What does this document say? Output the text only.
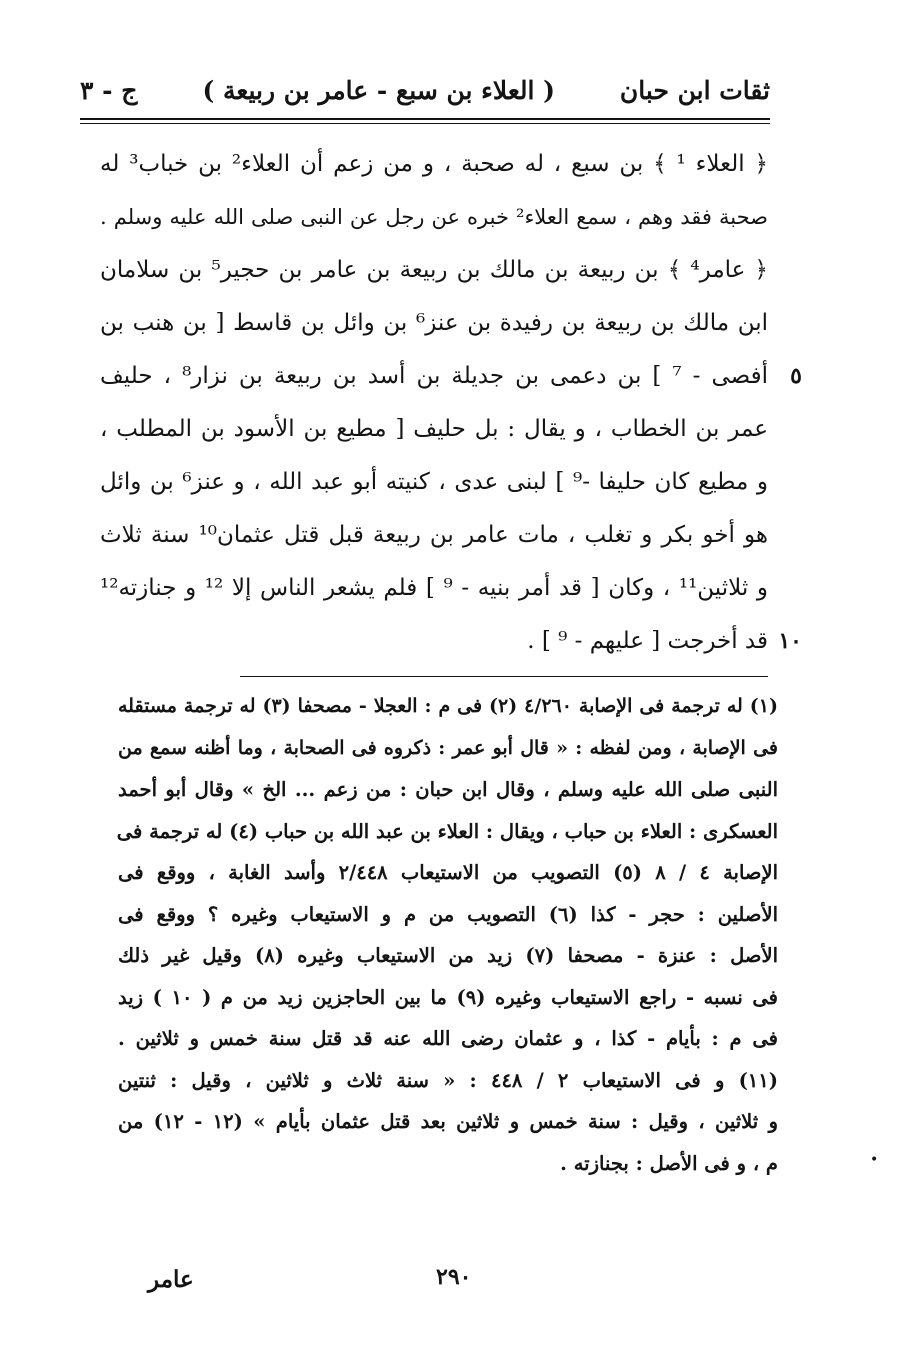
ثقات ابن حبان
( العلاء بن سبع - عامر بن ربيعة )
ج - ٣
﴿ العلاء ¹ ﴾ بن سبع ، له صحبة ، و من زعم أن العلاء² بن خباب³ له
صحبة فقد وهم ، سمع العلاء² خبره عن رجل عن النبى صلى الله عليه وسلم .
﴿ عامر⁴ ﴾ بن ربيعة بن مالك بن ربيعة بن عامر بن حجير⁵ بن سلامان
ابن مالك بن ربيعة بن رفيدة بن عنز⁶ بن وائل بن قاسط [ بن هنب بن
٥
أفصى - ⁷ ] بن دعمى بن جديلة بن أسد بن ربيعة بن نزار⁸ ، حليف
عمر بن الخطاب ، و يقال : بل حليف [ مطيع بن الأسود بن المطلب ،
و مطيع كان حليفا -⁹ ] لبنى عدى ، كنيته أبو عبد الله ، و عنز⁶ بن وائل
هو أخو بكر و تغلب ، مات عامر بن ربيعة قبل قتل عثمان¹⁰ سنة ثلاث
و ثلاثين¹¹ ، وكان [ قد أمر بنيه - ⁹ ] فلم يشعر الناس إلا ¹² و جنازته¹²
١٠
قد أخرجت [ عليهم - ⁹ ] .
(١) له ترجمة فى الإصابة ٤/٢٦٠ (٢) فى م : العجلا - مصحفا (٣) له ترجمة مستقله
فى الإصابة ، ومن لفظه : « قال أبو عمر : ذكروه فى الصحابة ، وما أظنه سمع من
النبى صلى الله عليه وسلم ، وقال ابن حبان : من زعم ... الخ » وقال أبو أحمد
العسكرى : العلاء بن حباب ، ويقال : العلاء بن عبد الله بن حباب (٤) له ترجمة فى
الإصابة ٤ / ٨ (٥) التصويب من الاستيعاب ٢/٤٤٨ وأسد الغابة ، ووقع فى
الأصلين : حجر - كذا (٦) التصويب من م و الاستيعاب وغيره ؟ ووقع فى
الأصل : عنزة - مصحفا (٧) زيد من الاستيعاب وغيره (٨) وقيل غير ذلك
فى نسبه - راجع الاستيعاب وغيره (٩) ما بين الحاجزين زيد من م ( ١٠ ) زيد
فى م : بأيام - كذا ، و عثمان رضى الله عنه قد قتل سنة خمس و ثلاثين .
(١١) و فى الاستيعاب ٢ / ٤٤٨ : « سنة ثلاث و ثلاثين ، وقيل : ثنتين
و ثلاثين ، وقيل : سنة خمس و ثلاثين بعد قتل عثمان بأيام » (١٢ - ١٢) من
م ، و فى الأصل : بجنازته .
٢٩٠
عامر
•
